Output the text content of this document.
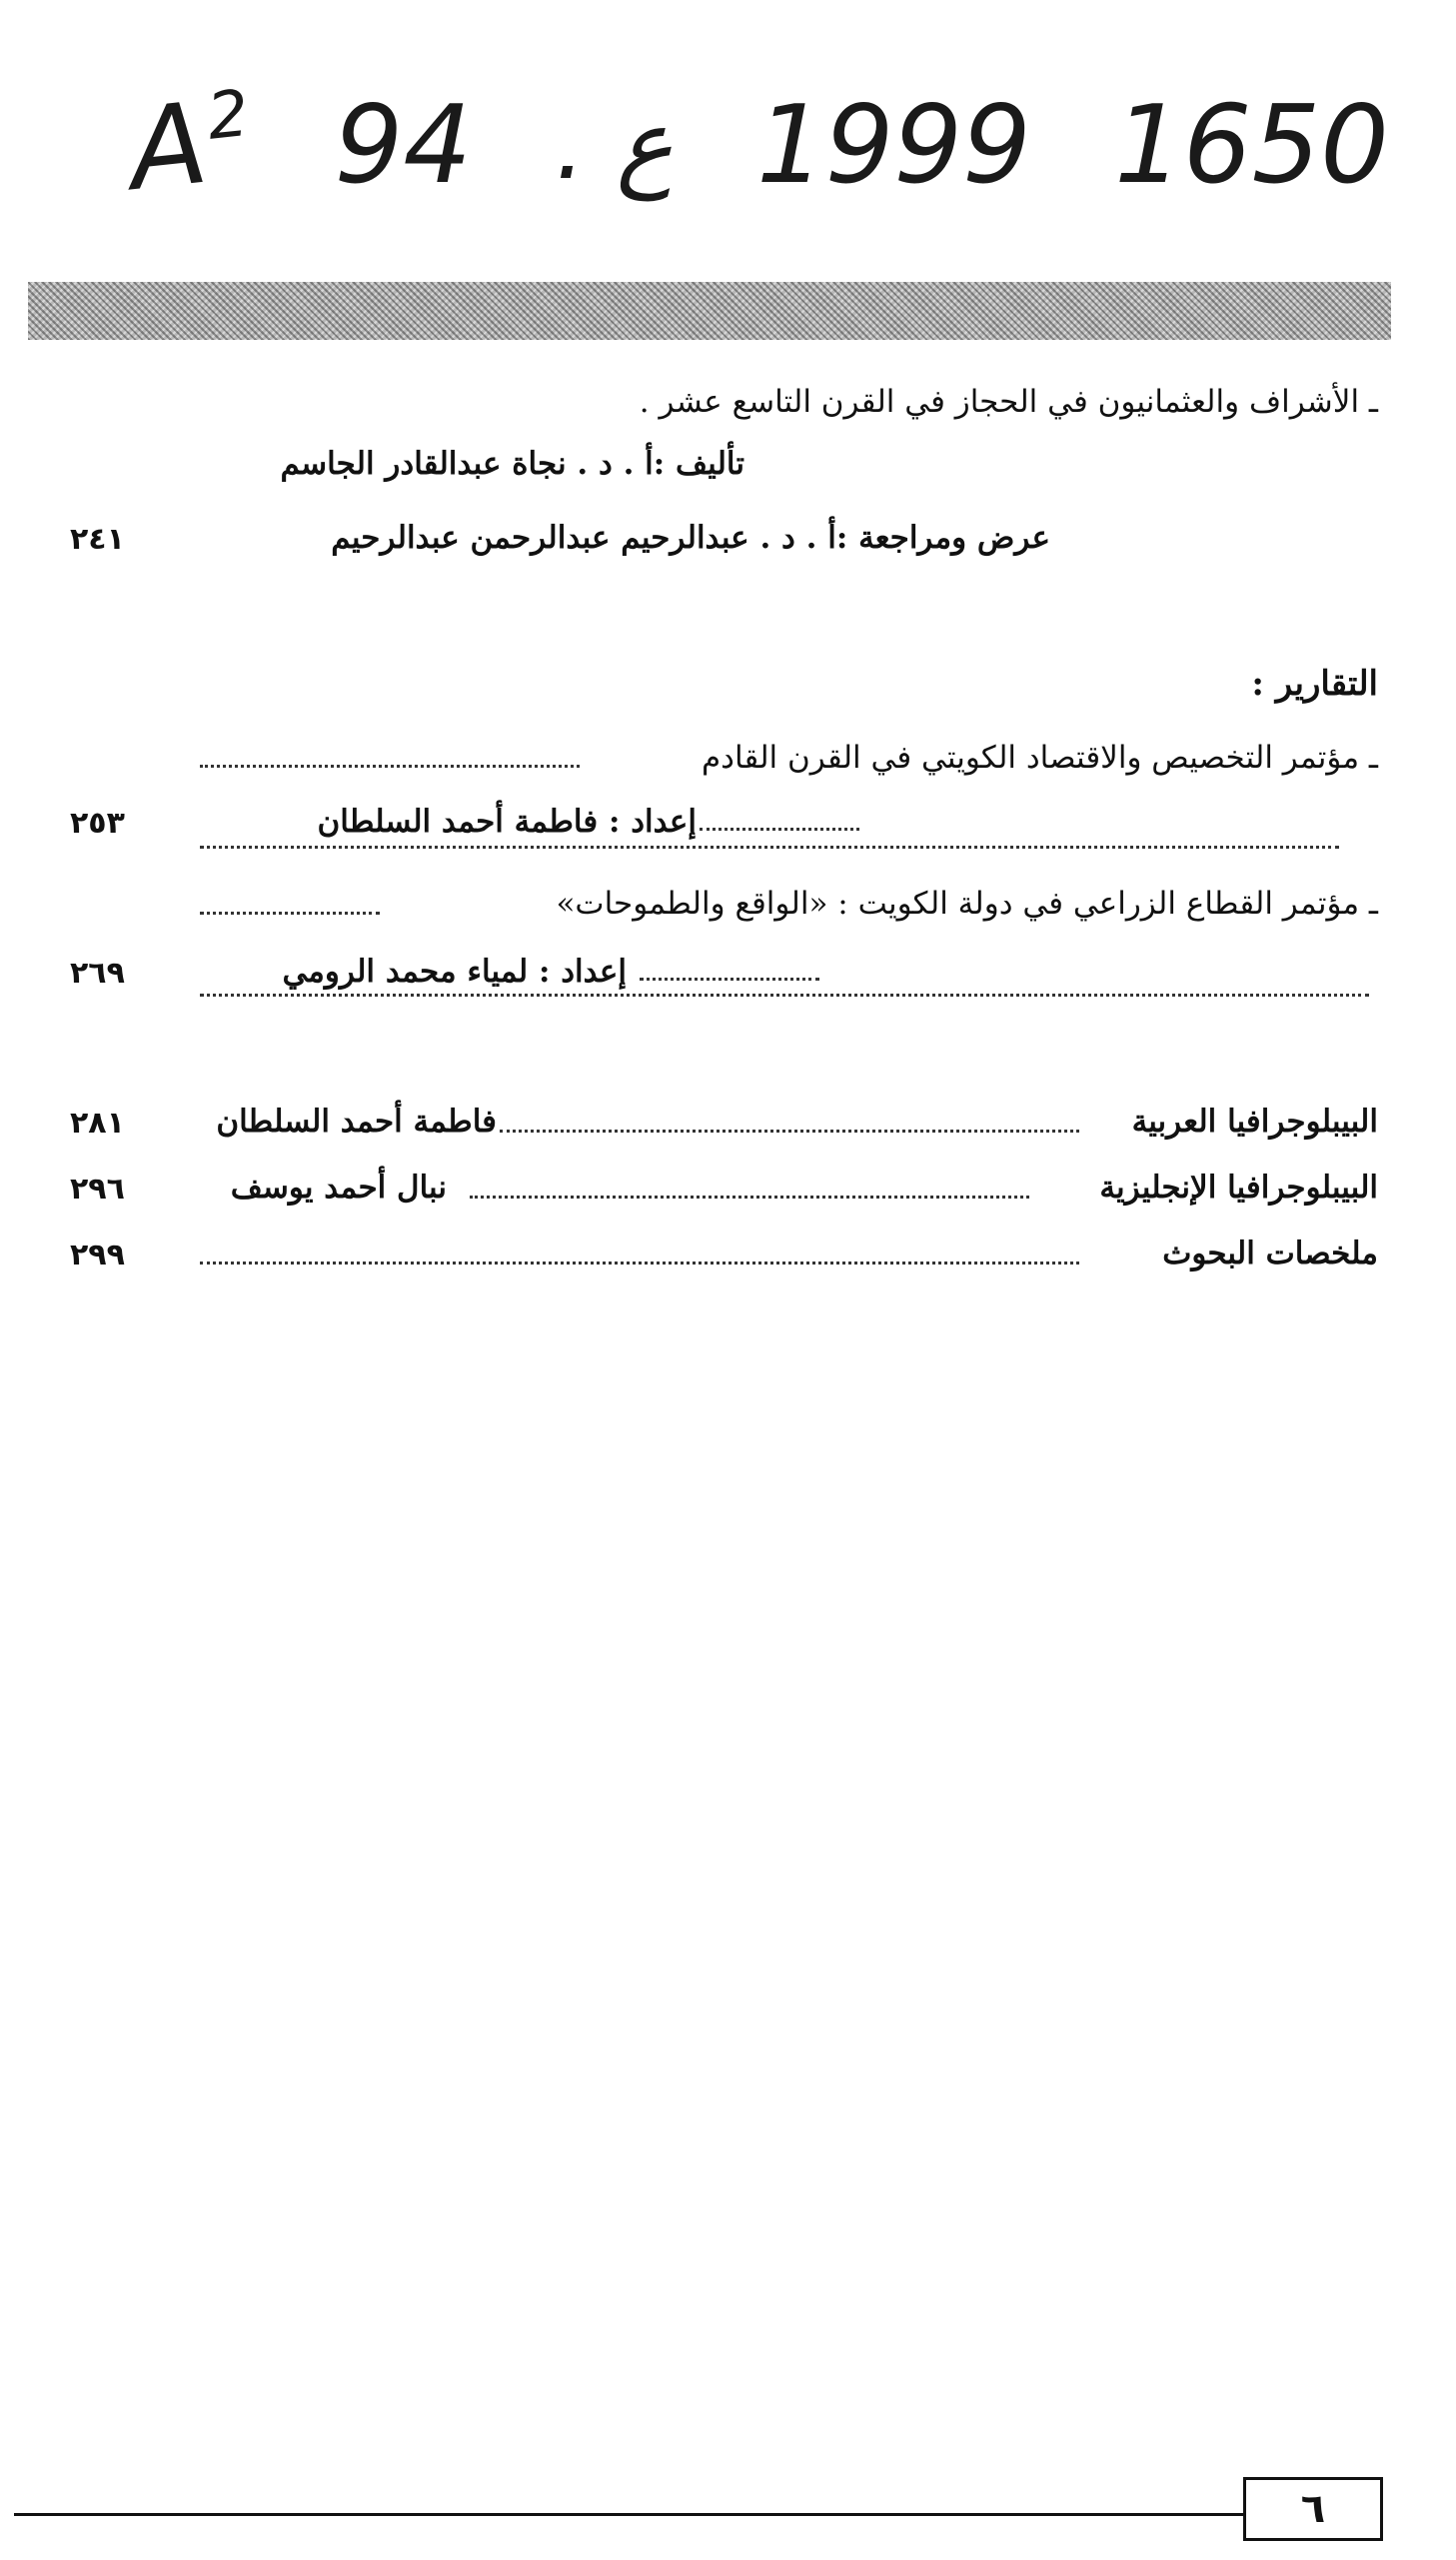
$A^2$ 94 . ع 1999 1650
ـ الأشراف والعثمانيون في الحجاز في القرن التاسع عشر .
تأليف :أ . د . نجاة عبدالقادر الجاسم
عرض ومراجعة :أ . د . عبدالرحيم عبدالرحمن عبدالرحيم
٢٤١
التقارير :
ـ مؤتمر التخصيص والاقتصاد الكويتي في القرن القادم
إعداد : فاطمة أحمد السلطان
٢٥٣
ـ مؤتمر القطاع الزراعي في دولة الكويت : «الواقع والطموحات»
إعداد : لمياء محمد الرومي
٢٦٩
البيبلوجرافيا العربية
فاطمة أحمد السلطان
٢٨١
البيبلوجرافيا الإنجليزية
نبال أحمد يوسف
٢٩٦
ملخصات البحوث
٢٩٩
٦
